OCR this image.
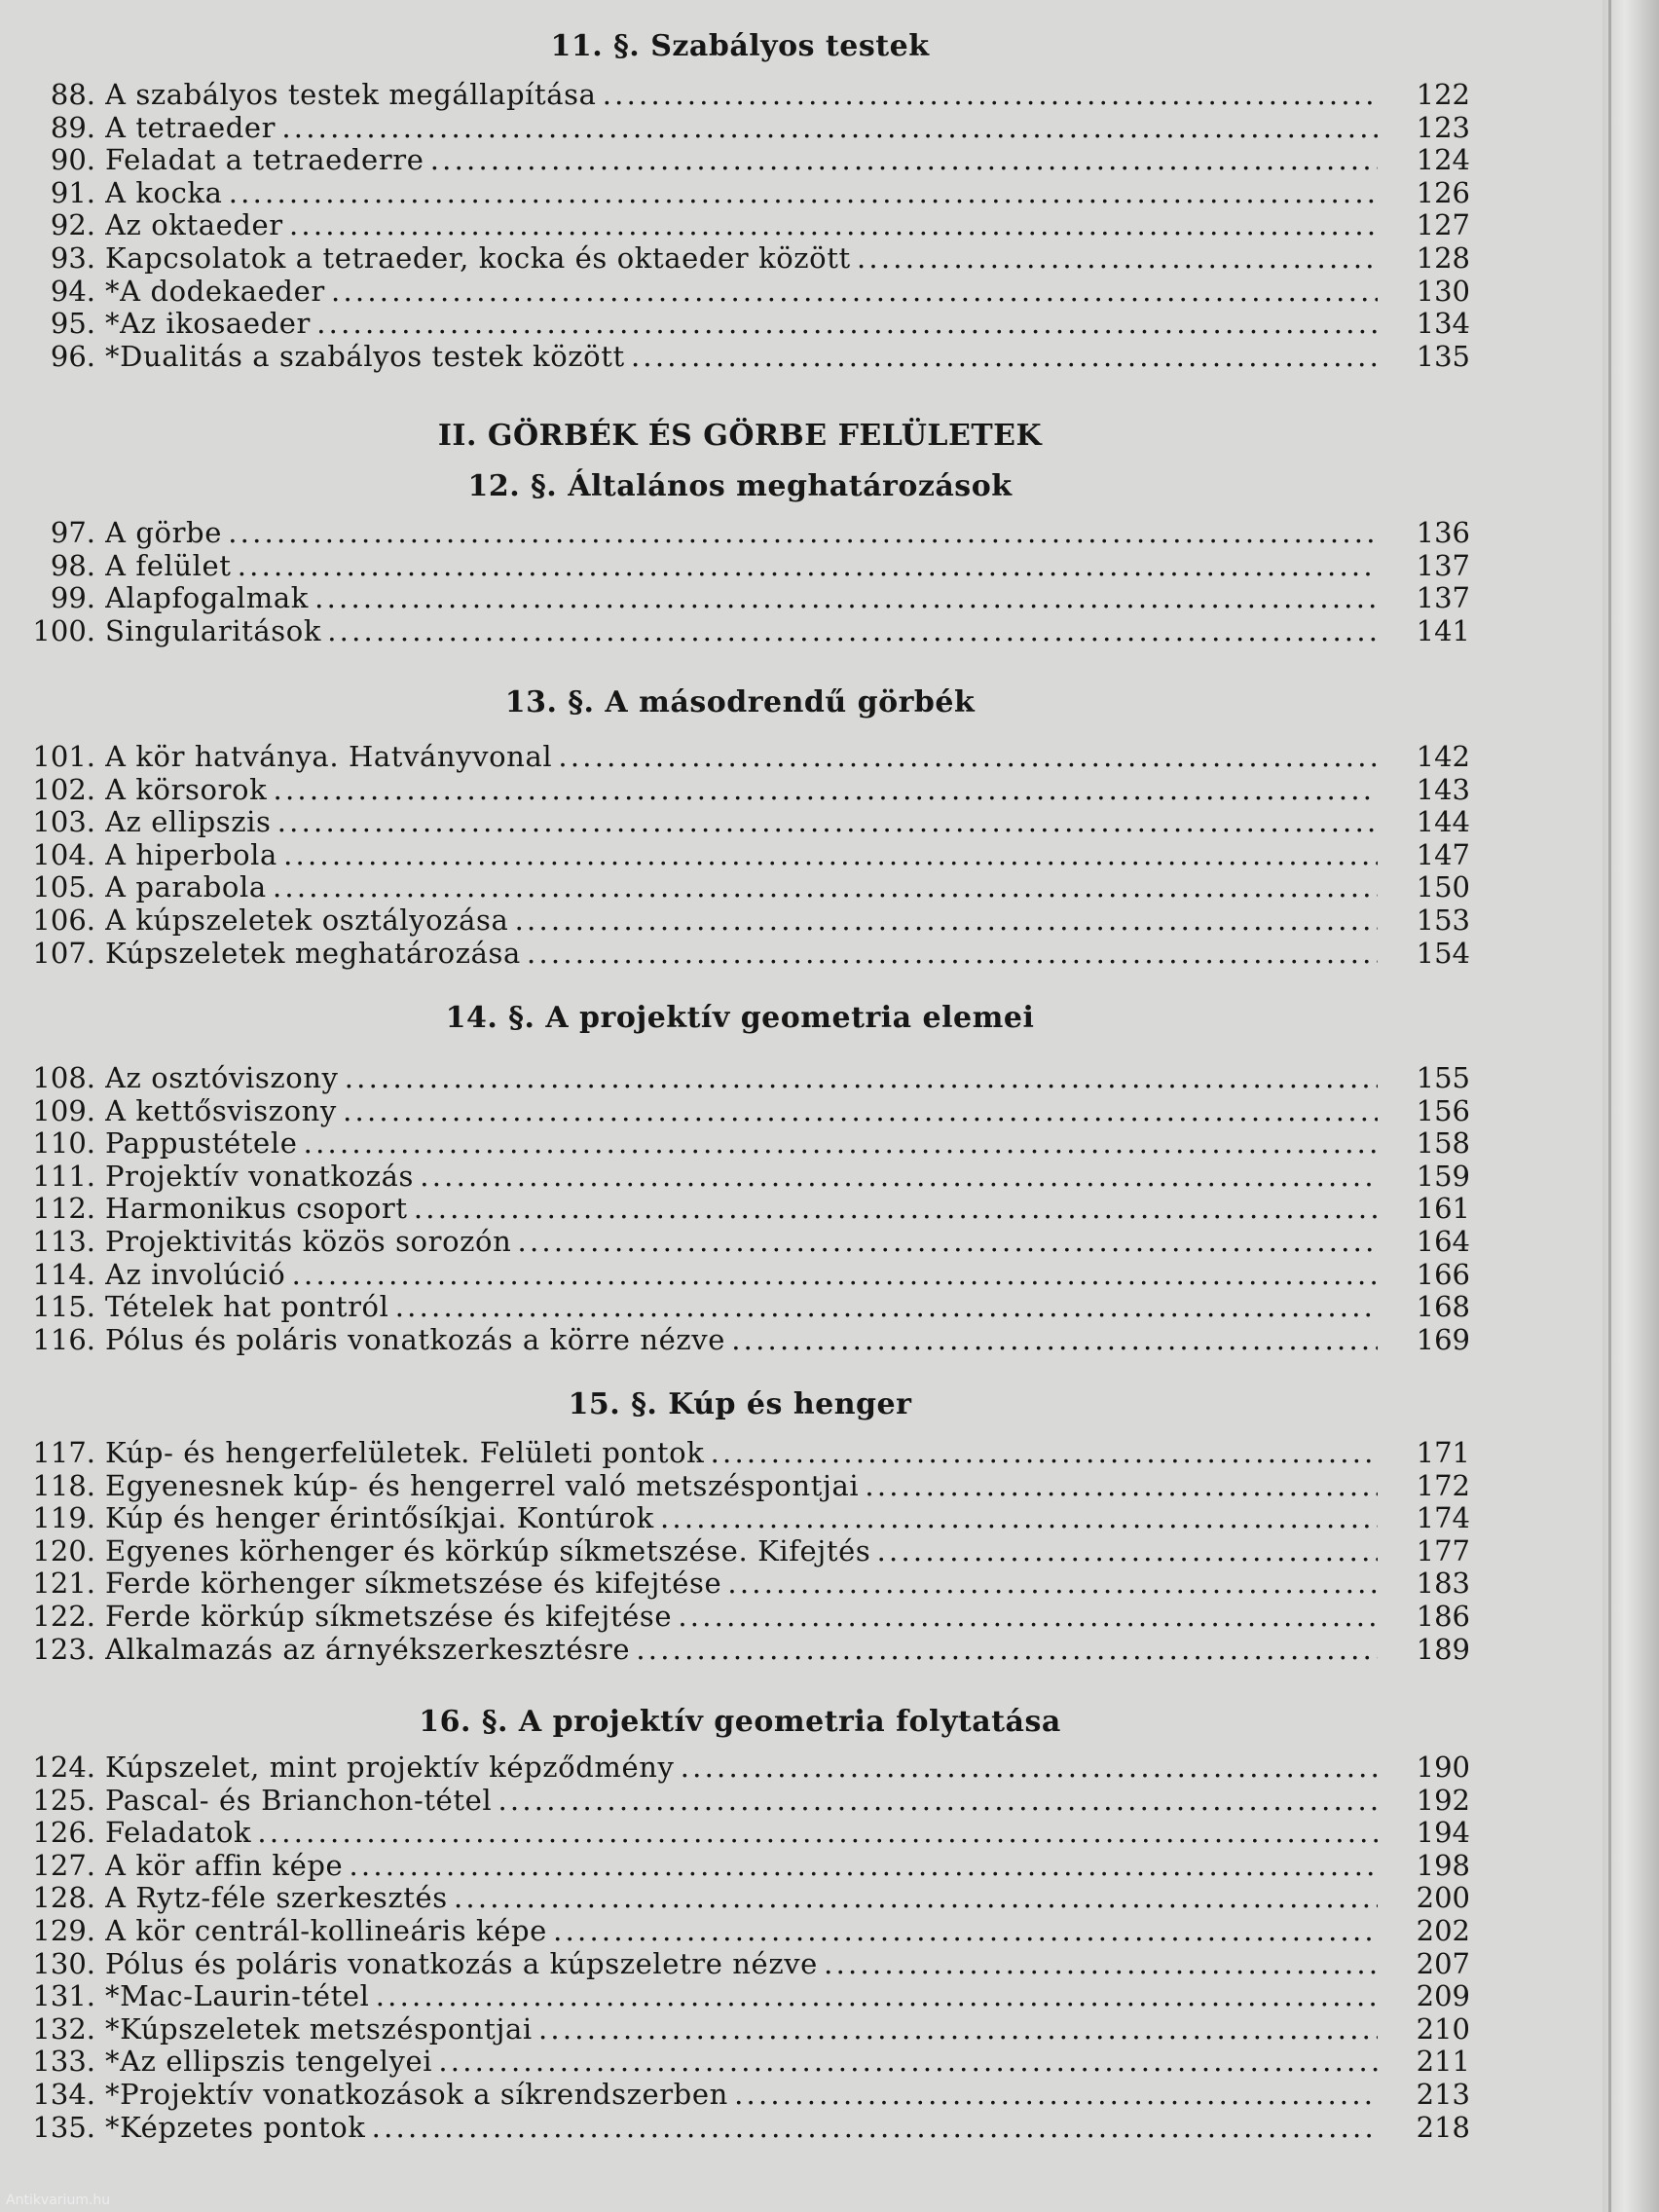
11. §. Szabályos testek
88. A szabályos testek megállapítása . . .	122
89. A tetraeder . . .	123
90. Feladat a tetraederre . . .	124
91. A kocka . . .	126
92. Az oktaeder . . .	127
93. Kapcsolatok a tetraeder, kocka és oktaeder között . . .	128
94. *A dodekaeder . . .	130
95. *Az ikosaeder . . .	134
96. *Dualitás a szabályos testek között . . .	135
II. GÖRBÉK ÉS GÖRBE FELÜLETEK
12. §. Általános meghatározások
97. A görbe . . .	136
98. A felület . . .	137
99. Alapfogalmak . . .	137
100. Singularitások . . .	141
13. §. A másodrendű görbék
101. A kör hatványa. Hatványvonal . . .	142
102. A körsorok . . .	143
103. Az ellipszis . . .	144
104. A hiperbola . . .	147
105. A parabola . . .	150
106. A kúpszeletek osztályozása . . .	153
107. Kúpszeletek meghatározása . . .	154
14. §. A projektív geometria elemei
108. Az osztóviszony . . .	155
109. A kettősviszony . . .	156
110. Pappustétele . . .	158
111. Projektív vonatkozás . . .	159
112. Harmonikus csoport . . .	161
113. Projektivitás közös sorozón . . .	164
114. Az involúció . . .	166
115. Tételek hat pontról . . .	168
116. Pólus és poláris vonatkozás a körre nézve . . .	169
15. §. Kúp és henger
117. Kúp- és hengerfelületek. Felületi pontok . . .	171
118. Egyenesnek kúp- és hengerrel való metszéspontjai . . .	172
119. Kúp és henger érintősíkjai. Kontúrok . . .	174
120. Egyenes körhenger és körkúp síkmetszése. Kifejtés . . .	177
121. Ferde körhenger síkmetszése és kifejtése . . .	183
122. Ferde körkúp síkmetszése és kifejtése . . .	186
123. Alkalmazás az árnyékszerkesztésre . . .	189
16. §. A projektív geometria folytatása
124. Kúpszelet, mint projektív képződmény . . .	190
125. Pascal- és Brianchon-tétel . . .	192
126. Feladatok . . .	194
127. A kör affin képe . . .	198
128. A Rytz-féle szerkesztés . . .	200
129. A kör centrál-kollineáris képe . . .	202
130. Pólus és poláris vonatkozás a kúpszeletre nézve . . .	207
131. *Mac-Laurin-tétel . . .	209
132. *Kúpszeletek metszéspontjai . . .	210
133. *Az ellipszis tengelyei . . .	211
134. *Projektív vonatkozások a síkrendszerben . . .	213
135. *Képzetes pontok . . .	218
Antikvarium.hu
